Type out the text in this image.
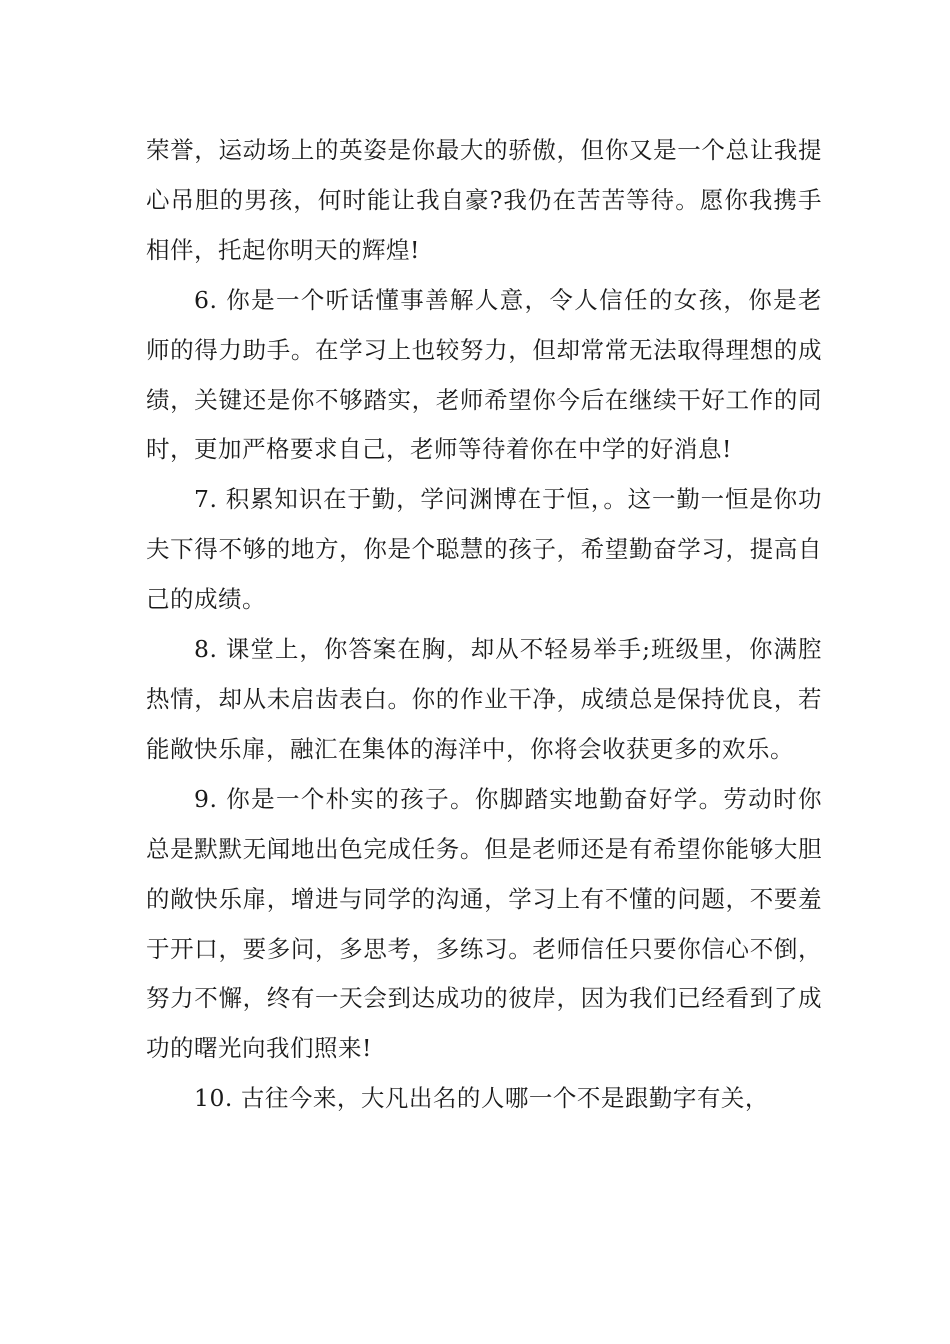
荣誉，运动场上的英姿是你最大的骄傲，但你又是一个总让我提心吊胆的男孩，何时能让我自豪?我仍在苦苦等待。愿你我携手相伴，托起你明天的辉煌!

6. 你是一个听话懂事善解人意，令人信任的女孩，你是老师的得力助手。在学习上也较努力，但却常常无法取得理想的成绩，关键还是你不够踏实，老师希望你今后在继续干好工作的同时，更加严格要求自己，老师等待着你在中学的好消息!

7. 积累知识在于勤，学问渊博在于恒，。这一勤一恒是你功夫下得不够的地方，你是个聪慧的孩子，希望勤奋学习，提高自己的成绩。

8. 课堂上，你答案在胸，却从不轻易举手;班级里，你满腔热情，却从未启齿表白。你的作业干净，成绩总是保持优良，若能敞快乐扉，融汇在集体的海洋中，你将会收获更多的欢乐。

9. 你是一个朴实的孩子。你脚踏实地勤奋好学。劳动时你总是默默无闻地出色完成任务。但是老师还是有希望你能够大胆的敞快乐扉，增进与同学的沟通，学习上有不懂的问题，不要羞于开口，要多问，多思考，多练习。老师信任只要你信心不倒，努力不懈，终有一天会到达成功的彼岸，因为我们已经看到了成功的曙光向我们照来!

10. 古往今来，大凡出名的人哪一个不是跟勤字有关，
